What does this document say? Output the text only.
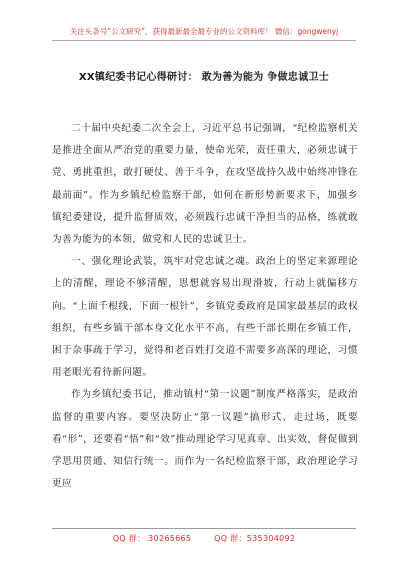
关注头条号“公文研究”，获得最新最全最专业的公文资料库！ 微信：gongwenyj
XX镇纪委书记心得研讨： 敢为善为能为 争做忠诚卫士

二十届中央纪委二次全会上，习近平总书记强调，“纪检监察机关是推进全面从严治党的重要力量，使命光荣，责任重大，必须忠诚于党、勇挑重担，敢打硬仗、善于斗争，在攻坚战持久战中始终冲锋在最前面”。作为乡镇纪检监察干部，如何在新形势新要求下，加强乡镇纪委建设，提升监督质效，必须践行忠诚干净担当的品格，练就敢为善为能为的本领，做党和人民的忠诚卫士。

一、强化理论武装，筑牢对党忠诚之魂。政治上的坚定来源理论上的清醒，理论不够清醒，思想就容易出现滑坡，行动上就偏移方向。“上面千根线，下面一根针”，乡镇党委政府是国家最基层的政权组织，有些乡镇干部本身文化水平不高，有些干部长期在乡镇工作，困于杂事疏于学习，觉得和老百姓打交道不需要多高深的理论，习惯用老眼光看待新问题。

作为乡镇纪委书记，推动镇村“第一议题”制度严格落实，是政治监督的重要内容。要坚决防止“第一议题”搞形式、走过场，既要看“形”，还要看“悟”和“效”推动理论学习见真章、出实效，督促做到学思用贯通、知信行统一。而作为一名纪检监察干部，政治理论学习更应

QQ 群： 30265665	QQ 群：535304092
